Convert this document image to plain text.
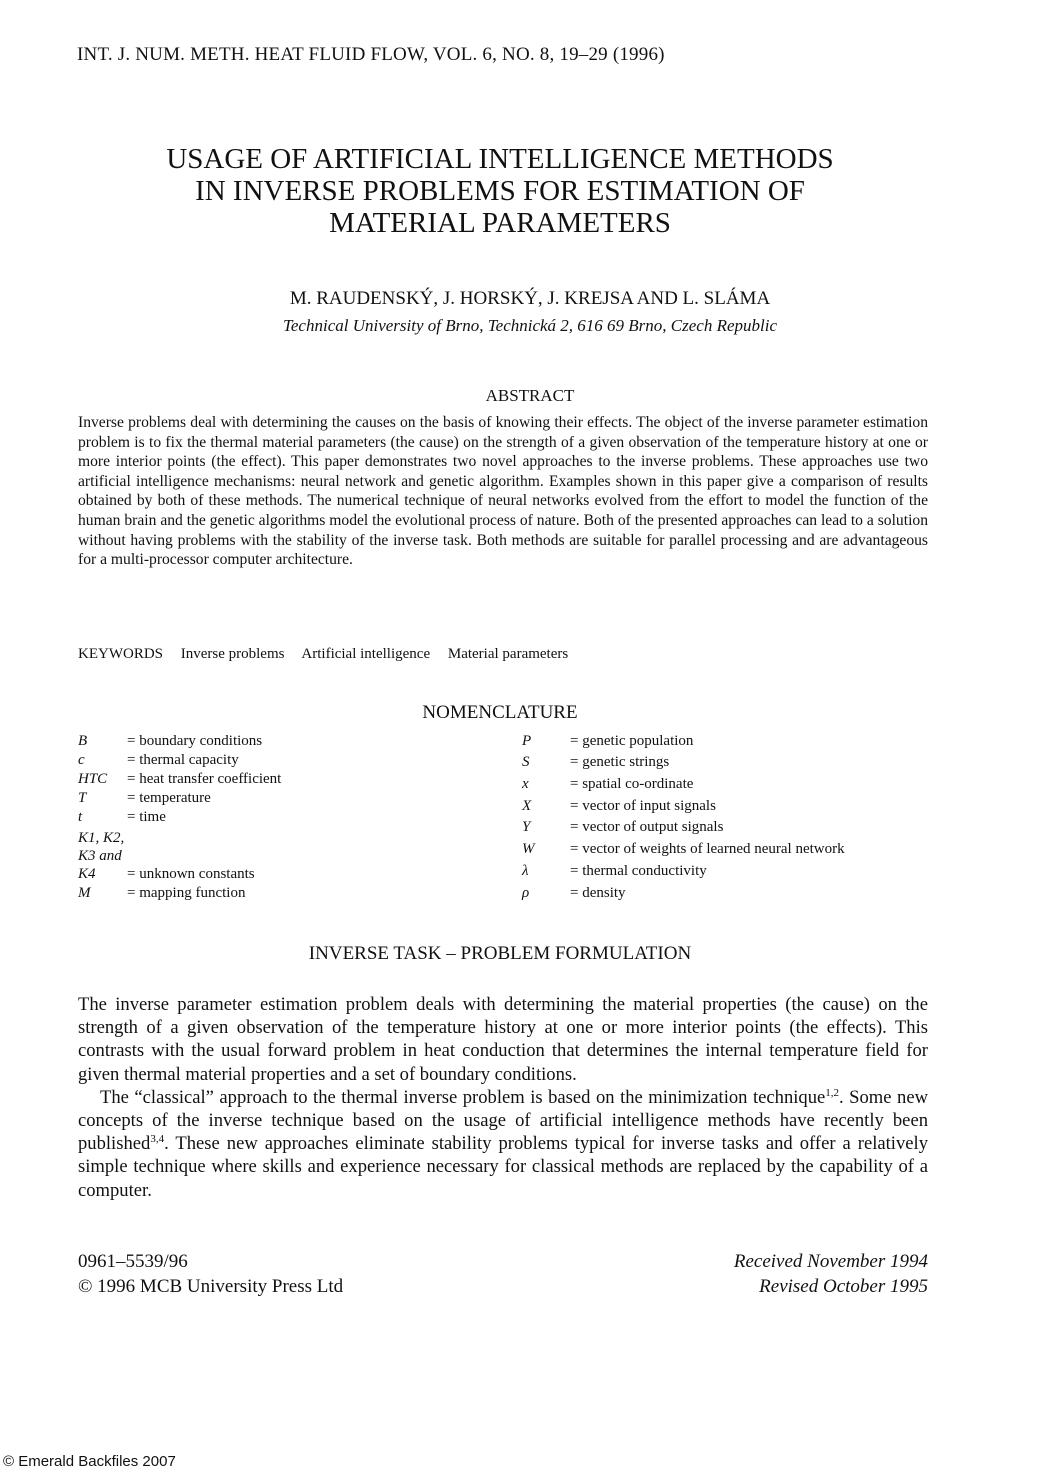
INT. J. NUM. METH. HEAT FLUID FLOW, VOL. 6, NO. 8, 19–29 (1996)
USAGE OF ARTIFICIAL INTELLIGENCE METHODS
IN INVERSE PROBLEMS FOR ESTIMATION OF
MATERIAL PARAMETERS
M. RAUDENSKÝ, J. HORSKÝ, J. KREJSA AND L. SLÁMA
Technical University of Brno, Technická 2, 616 69 Brno, Czech Republic
ABSTRACT
Inverse problems deal with determining the causes on the basis of knowing their effects. The object of the inverse parameter estimation problem is to fix the thermal material parameters (the cause) on the strength of a given observation of the temperature history at one or more interior points (the effect). This paper demonstrates two novel approaches to the inverse problems. These approaches use two artificial intelligence mechanisms: neural network and genetic algorithm. Examples shown in this paper give a comparison of results obtained by both of these methods. The numerical technique of neural networks evolved from the effort to model the function of the human brain and the genetic algorithms model the evolutional process of nature. Both of the presented approaches can lead to a solution without having problems with the stability of the inverse task. Both methods are suitable for parallel processing and are advantageous for a multi-processor computer architecture.
KEYWORDS Inverse problems Artificial intelligence Material parameters
NOMENCLATURE
B	= boundary conditions
c	= thermal capacity
HTC = heat transfer coefficient
T	= temperature
t	= time
K1, K2,
K3 and
K4 = unknown constants
M = mapping function
P	= genetic population
S	= genetic strings
x	= spatial co-ordinate
X	= vector of input signals
Y	= vector of output signals
W = vector of weights of learned neural network
λ	= thermal conductivity
ρ	= density
INVERSE TASK – PROBLEM FORMULATION

The inverse parameter estimation problem deals with determining the material properties (the cause) on the strength of a given observation of the temperature history at one or more interior points (the effects). This contrasts with the usual forward problem in heat conduction that determines the internal temperature field for given thermal material properties and a set of boundary conditions.

The “classical” approach to the thermal inverse problem is based on the minimization technique$^{1,2}$. Some new concepts of the inverse technique based on the usage of artificial intelligence methods have recently been published$^{3,4}$. These new approaches eliminate stability problems typical for inverse tasks and offer a relatively simple technique where skills and experience necessary for classical methods are replaced by the capability of a computer.

0961–5539/96
© 1996 MCB University Press Ltd
Received November 1994
Revised October 1995
© Emerald Backfiles 2007
